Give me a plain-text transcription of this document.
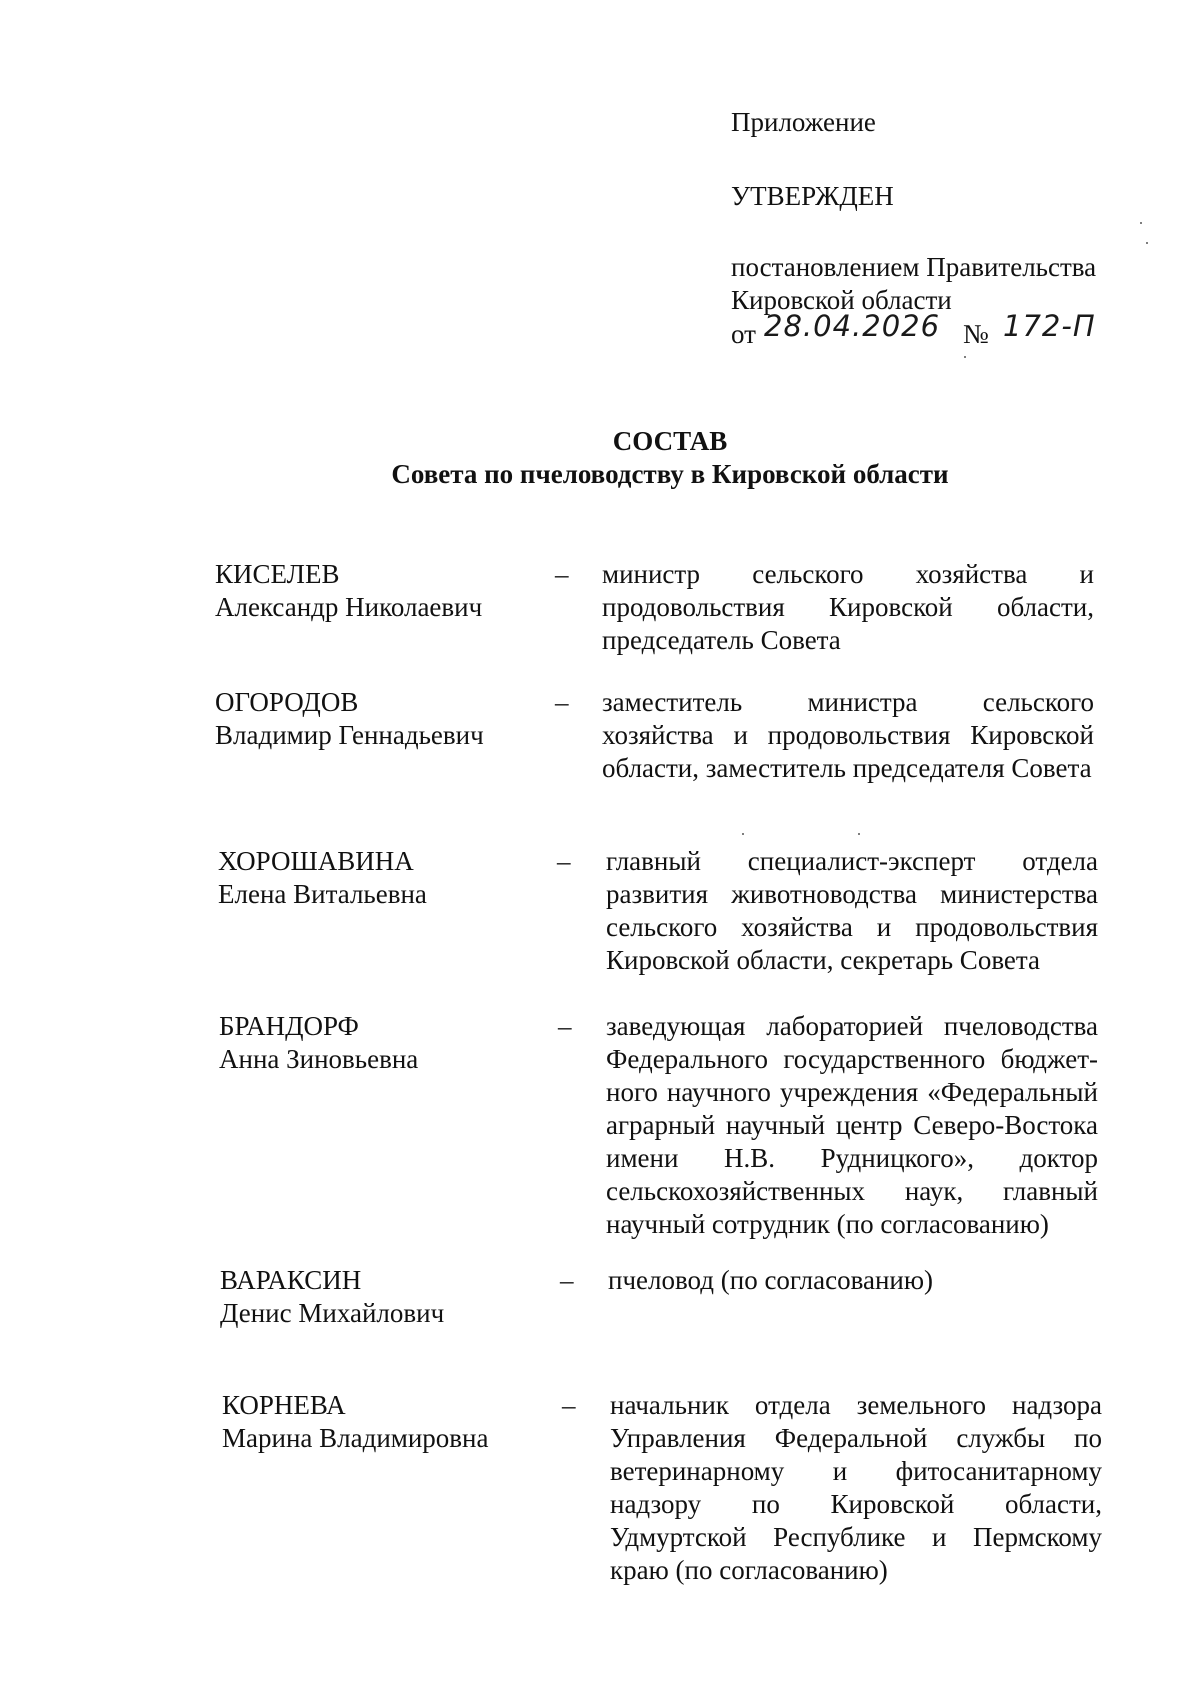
Приложение
УТВЕРЖДЕН
постановлением Правительства
Кировской области
от 28.04.2026 № 172-П
СОСТАВ
Совета по пчеловодству в Кировской области
КИСЕЛЕВ
Александр Николаевич
– министр сельского хозяйства и продовольствия Кировской области, председатель Совета
ОГОРОДОВ
Владимир Геннадьевич
– заместитель министра сельского хозяйства и продовольствия Кировской области, заместитель председателя Совета
ХОРОШАВИНА
Елена Витальевна
– главный специалист-эксперт отдела развития животноводства министерства сельского хозяйства и продовольствия Кировской области, секретарь Совета
БРАНДОРФ
Анна Зиновьевна
– заведующая лабораторией пчеловодства Федерального государственного бюджетного научного учреждения «Федеральный аграрный научный центр Северо-Востока имени Н.В. Рудницкого», доктор сельскохозяйственных наук, главный научный сотрудник (по согласованию)
ВАРАКСИН
Денис Михайлович
– пчеловод (по согласованию)
КОРНЕВА
Марина Владимировна
– начальник отдела земельного надзора Управления Федеральной службы по ветеринарному и фитосанитарному надзору по Кировской области, Удмуртской Республике и Пермскому краю (по согласованию)
